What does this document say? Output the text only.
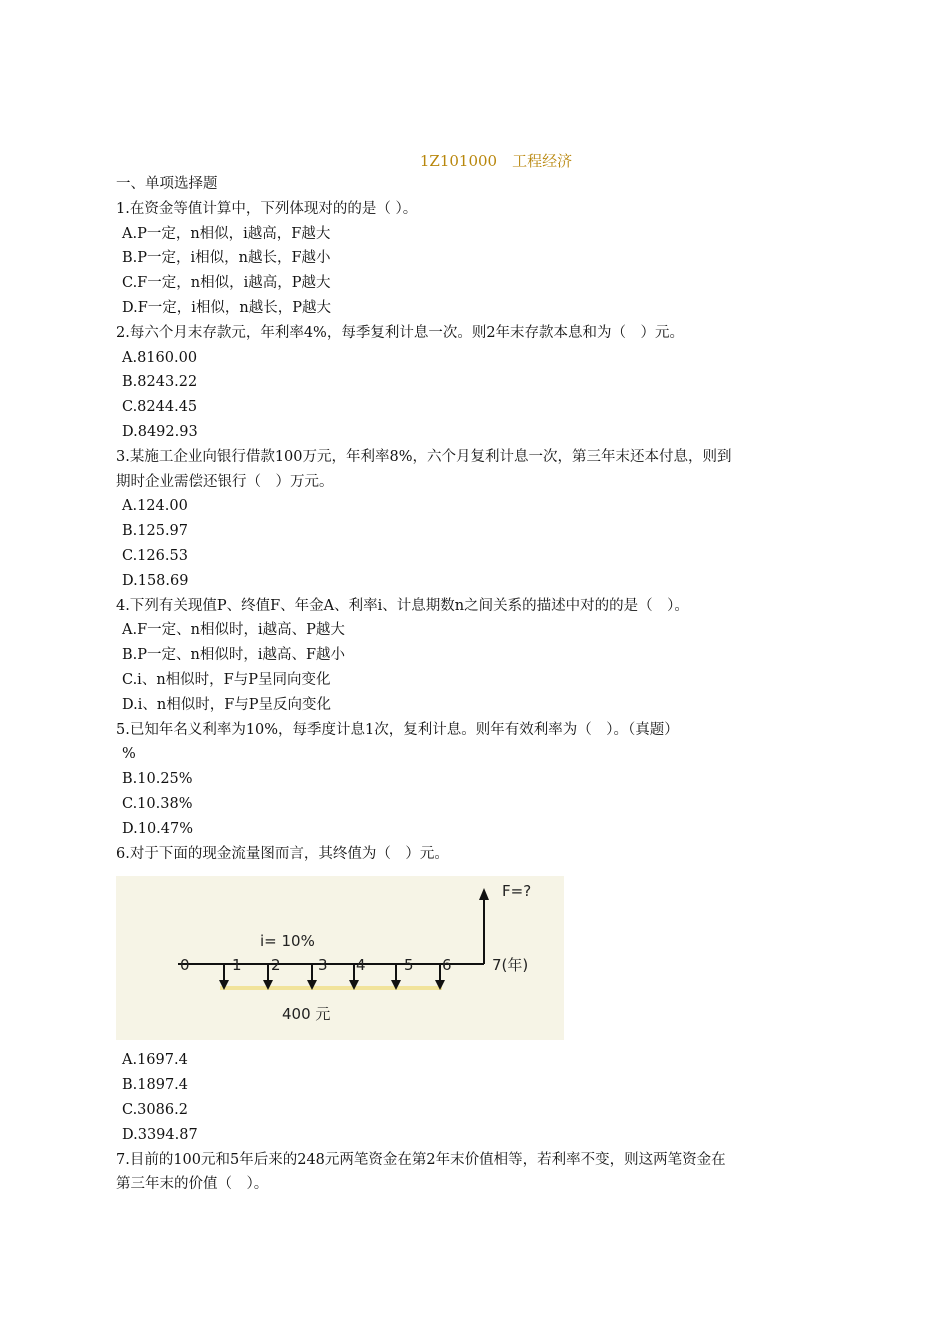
1Z101000　工程经济
一、单项选择题
1.在资金等值计算中，下列体现对的的是（ ）。
A.P一定，n相似，i越高，F越大
B.P一定，i相似，n越长，F越小
C.F一定，n相似，i越高，P越大
D.F一定，i相似，n越长，P越大
2.每六个月末存款元，年利率4%，每季复利计息一次。则2年末存款本息和为（　）元。
A.8160.00
B.8243.22
C.8244.45
D.8492.93
3.某施工企业向银行借款100万元，年利率8%，六个月复利计息一次，第三年末还本付息，则到
期时企业需偿还银行（　）万元。
A.124.00
B.125.97
C.126.53
D.158.69
4.下列有关现值P、终值F、年金A、利率i、计息期数n之间关系的描述中对的的是（　）。
A.F一定、n相似时，i越高、P越大
B.P一定、n相似时，i越高、F越小
C.i、n相似时，F与P呈同向变化
D.i、n相似时，F与P呈反向变化
5.已知年名义利率为10%，每季度计息1次，复利计息。则年有效利率为（　）。（真题）
%
B.10.25%
C.10.38%
D.10.47%
6.对于下面的现金流量图而言，其终值为（　）元。
0	1 2 3 4	5 6	7(年)
F=?
i= 10%
400 元
A.1697.4
B.1897.4
C.3086.2
D.3394.87
7.目前的100元和5年后来的248元两笔资金在第2年末价值相等，若利率不变，则这两笔资金在
第三年末的价值（　）。
